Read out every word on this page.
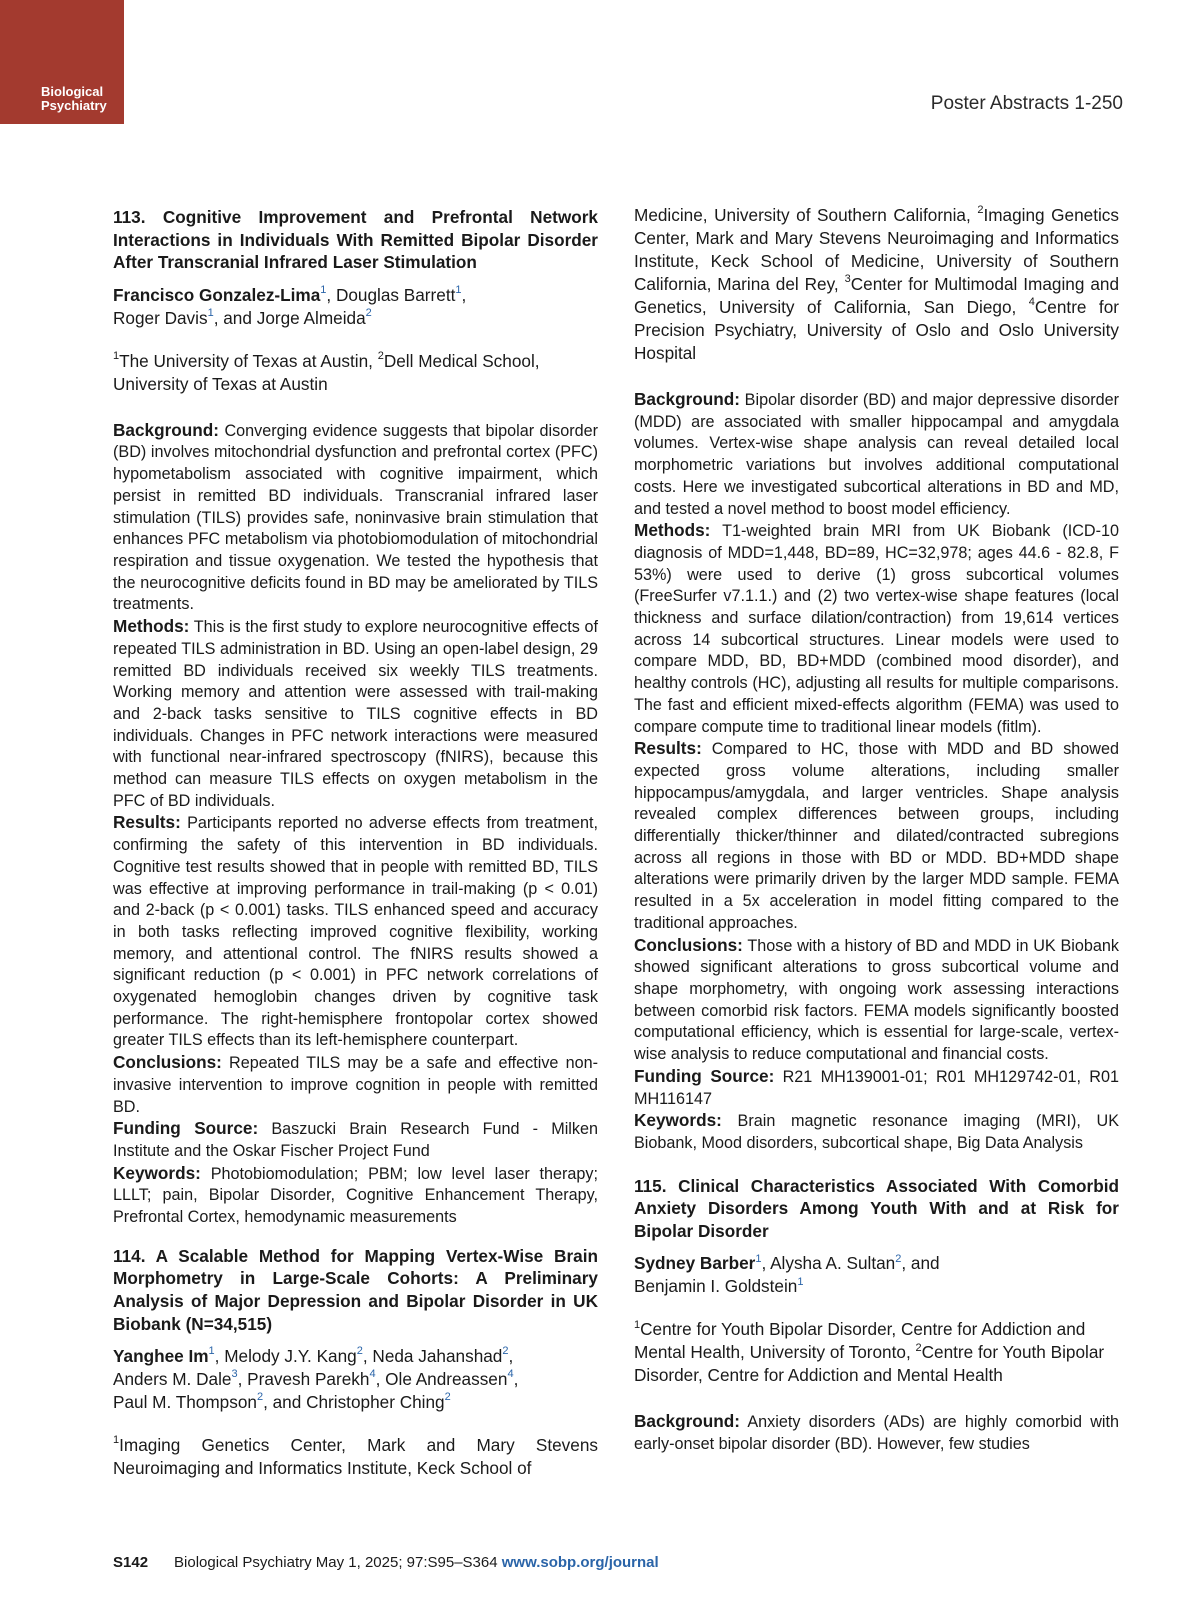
Biological
Psychiatry	Poster Abstracts 1-250
113. Cognitive Improvement and Prefrontal Network Interactions in Individuals With Remitted Bipolar Disorder After Transcranial Infrared Laser Stimulation
Francisco Gonzalez-Lima$^1$, Douglas Barrett$^1$,
Roger Davis$^1$, and Jorge Almeida$^2$
$^1$The University of Texas at Austin, $^2$Dell Medical School, University of Texas at Austin

Background: Converging evidence suggests that bipolar disorder (BD) involves mitochondrial dysfunction and prefrontal cortex (PFC) hypometabolism associated with cognitive impairment, which persist in remitted BD individuals. Transcranial infrared laser stimulation (TILS) provides safe, noninvasive brain stimulation that enhances PFC metabolism via photobiomodulation of mitochondrial respiration and tissue oxygenation. We tested the hypothesis that the neurocognitive deficits found in BD may be ameliorated by TILS treatments.

Methods: This is the first study to explore neurocognitive effects of repeated TILS administration in BD. Using an open-label design, 29 remitted BD individuals received six weekly TILS treatments. Working memory and attention were assessed with trail-making and 2-back tasks sensitive to TILS cognitive effects in BD individuals. Changes in PFC network interactions were measured with functional near-infrared spectroscopy (fNIRS), because this method can measure TILS effects on oxygen metabolism in the PFC of BD individuals.

Results: Participants reported no adverse effects from treatment, confirming the safety of this intervention in BD individuals. Cognitive test results showed that in people with remitted BD, TILS was effective at improving performance in trail-making (p < 0.01) and 2-back (p < 0.001) tasks. TILS enhanced speed and accuracy in both tasks reflecting improved cognitive flexibility, working memory, and attentional control. The fNIRS results showed a significant reduction (p < 0.001) in PFC network correlations of oxygenated hemoglobin changes driven by cognitive task performance. The right-hemisphere frontopolar cortex showed greater TILS effects than its left-hemisphere counterpart.

Conclusions: Repeated TILS may be a safe and effective non-invasive intervention to improve cognition in people with remitted BD.

Funding Source: Baszucki Brain Research Fund - Milken Institute and the Oskar Fischer Project Fund

Keywords: Photobiomodulation; PBM; low level laser therapy; LLLT; pain, Bipolar Disorder, Cognitive Enhancement Therapy, Prefrontal Cortex, hemodynamic measurements

114. A Scalable Method for Mapping Vertex-Wise Brain Morphometry in Large-Scale Cohorts: A Preliminary Analysis of Major Depression and Bipolar Disorder in UK Biobank (N=34,515)
Yanghee Im$^1$, Melody J.Y. Kang$^2$, Neda Jahanshad$^2$,
Anders M. Dale$^3$, Pravesh Parekh$^4$, Ole Andreassen$^4$,
Paul M. Thompson$^2$, and Christopher Ching$^2$
$^1$Imaging Genetics Center, Mark and Mary Stevens Neuroimaging and Informatics Institute, Keck School of
Medicine, University of Southern California, $^2$Imaging Genetics Center, Mark and Mary Stevens Neuroimaging and Informatics Institute, Keck School of Medicine, University of Southern California, Marina del Rey, $^3$Center for Multimodal Imaging and Genetics, University of California, San Diego, $^4$Centre for Precision Psychiatry, University of Oslo and Oslo University Hospital

Background: Bipolar disorder (BD) and major depressive disorder (MDD) are associated with smaller hippocampal and amygdala volumes. Vertex-wise shape analysis can reveal detailed local morphometric variations but involves additional computational costs. Here we investigated subcortical alterations in BD and MD, and tested a novel method to boost model efficiency.

Methods: T1-weighted brain MRI from UK Biobank (ICD-10 diagnosis of MDD=1,448, BD=89, HC=32,978; ages 44.6 - 82.8, F 53%) were used to derive (1) gross subcortical volumes (FreeSurfer v7.1.1.) and (2) two vertex-wise shape features (local thickness and surface dilation/contraction) from 19,614 vertices across 14 subcortical structures. Linear models were used to compare MDD, BD, BD+MDD (combined mood disorder), and healthy controls (HC), adjusting all results for multiple comparisons. The fast and efficient mixed-effects algorithm (FEMA) was used to compare compute time to traditional linear models (fitlm).

Results: Compared to HC, those with MDD and BD showed expected gross volume alterations, including smaller hippocampus/amygdala, and larger ventricles. Shape analysis revealed complex differences between groups, including differentially thicker/thinner and dilated/contracted subregions across all regions in those with BD or MDD. BD+MDD shape alterations were primarily driven by the larger MDD sample. FEMA resulted in a 5x acceleration in model fitting compared to the traditional approaches.

Conclusions: Those with a history of BD and MDD in UK Biobank showed significant alterations to gross subcortical volume and shape morphometry, with ongoing work assessing interactions between comorbid risk factors. FEMA models significantly boosted computational efficiency, which is essential for large-scale, vertex-wise analysis to reduce computational and financial costs.

Funding Source: R21 MH139001-01; R01 MH129742-01, R01 MH116147

Keywords: Brain magnetic resonance imaging (MRI), UK Biobank, Mood disorders, subcortical shape, Big Data Analysis

115. Clinical Characteristics Associated With Comorbid Anxiety Disorders Among Youth With and at Risk for Bipolar Disorder
Sydney Barber$^1$, Alysha A. Sultan$^2$, and
Benjamin I. Goldstein$^1$
$^1$Centre for Youth Bipolar Disorder, Centre for Addiction and Mental Health, University of Toronto, $^2$Centre for Youth Bipolar Disorder, Centre for Addiction and Mental Health

Background: Anxiety disorders (ADs) are highly comorbid with early-onset bipolar disorder (BD). However, few studies

S142 Biological Psychiatry May 1, 2025; 97:S95–S364 www.sobp.org/journal
